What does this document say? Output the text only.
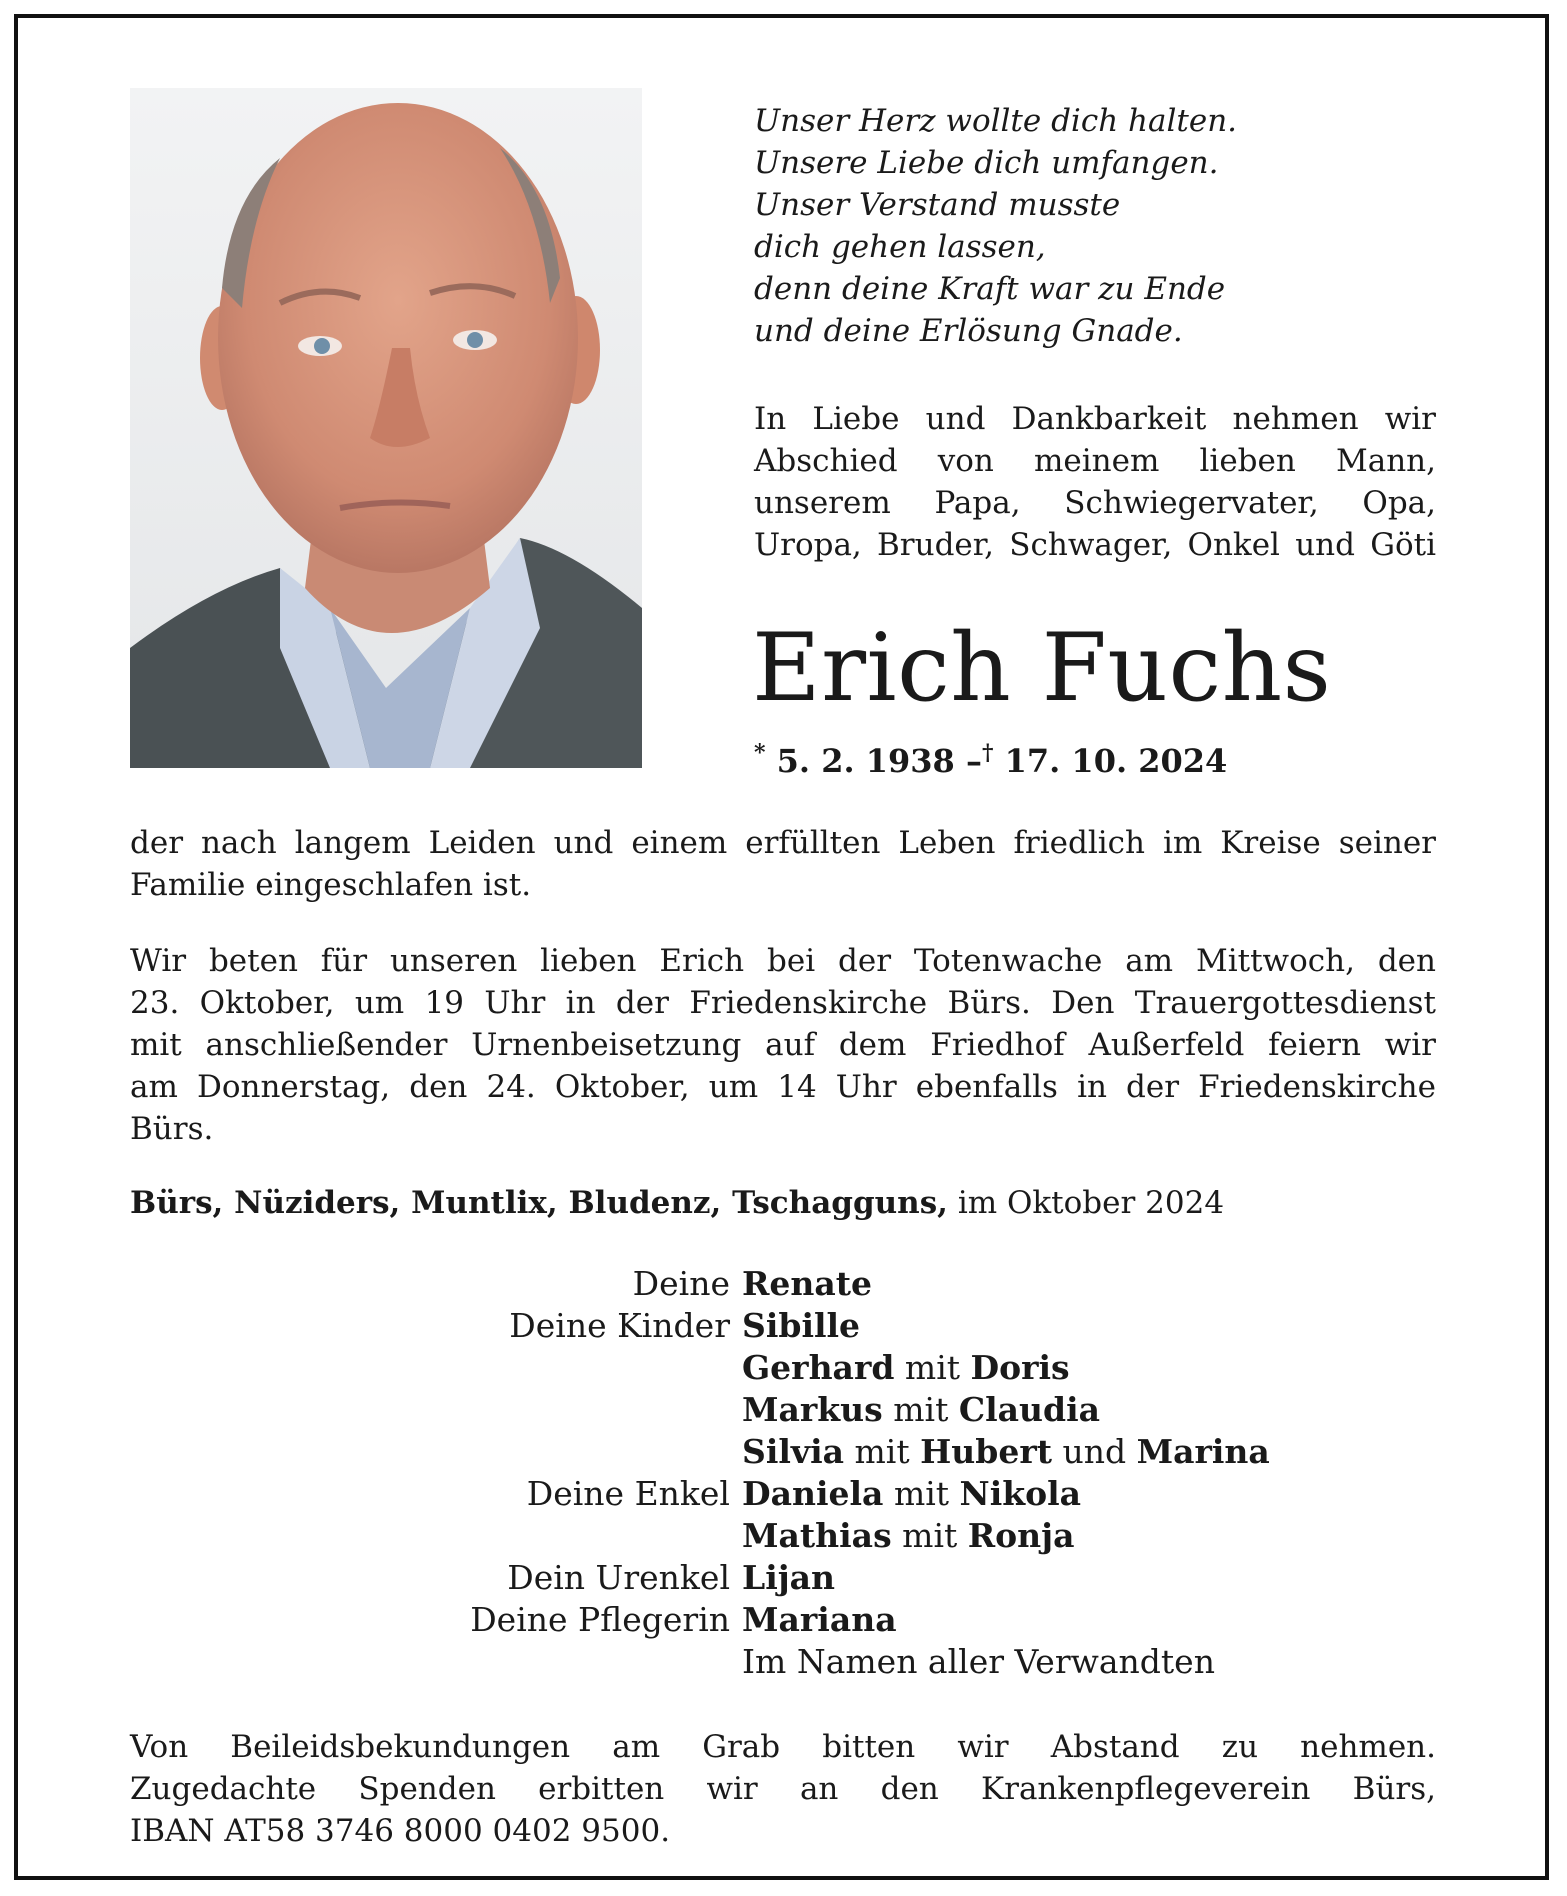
Unser Herz wollte dich halten.
Unsere Liebe dich umfangen.
Unser Verstand musste
dich gehen lassen,
denn deine Kraft war zu Ende
und deine Erlösung Gnade.
In Liebe und Dankbarkeit nehmen wir
Abschied von meinem lieben Mann,
unserem Papa, Schwiegervater, Opa,
Uropa, Bruder, Schwager, Onkel und Göti
Erich Fuchs
* 5. 2. 1938 –† 17. 10. 2024
der nach langem Leiden und einem erfüllten Leben friedlich im Kreise seiner
Familie eingeschlafen ist.
Wir beten für unseren lieben Erich bei der Totenwache am Mittwoch, den
23. Oktober, um 19 Uhr in der Friedenskirche Bürs. Den Trauergottesdienst
mit anschließender Urnenbeisetzung auf dem Friedhof Außerfeld feiern wir
am Donnerstag, den 24. Oktober, um 14 Uhr ebenfalls in der Friedenskirche
Bürs.
Bürs, Nüziders, Muntlix, Bludenz, Tschagguns, im Oktober 2024
Deine Renate
Deine Kinder Sibille
Gerhard mit Doris
Markus mit Claudia
Silvia mit Hubert und Marina
Deine Enkel Daniela mit Nikola
Mathias mit Ronja
Dein Urenkel Lijan
Deine Pflegerin Mariana
Im Namen aller Verwandten
Von Beileidsbekundungen am Grab bitten wir Abstand zu nehmen.
Zugedachte Spenden erbitten wir an den Krankenpflegeverein Bürs,
IBAN AT58 3746 8000 0402 9500.
